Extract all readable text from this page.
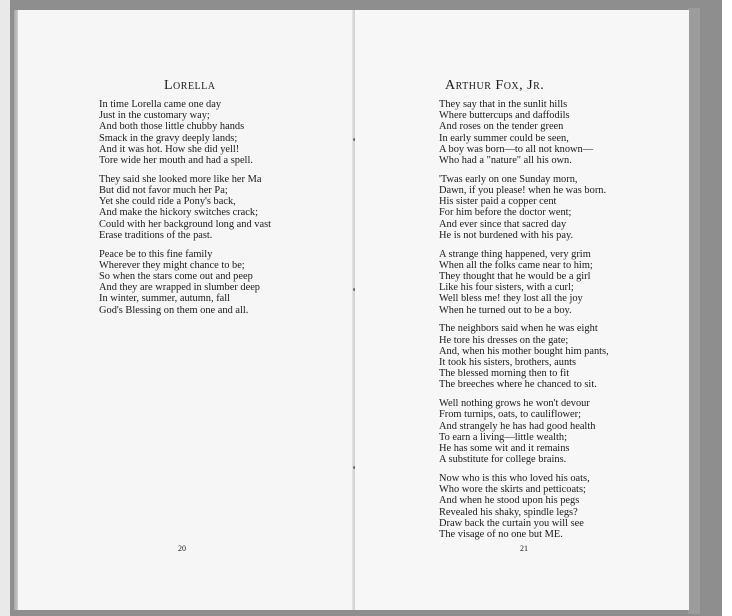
Lorella
In time Lorella came one day
Just in the customary way;
And both those little chubby hands
Smack in the gravy deeply lands;
And it was hot. How she did yell!
Tore wide her mouth and had a spell.
They said she looked more like her Ma
But did not favor much her Pa;
Yet she could ride a Pony's back,
And make the hickory switches crack;
Could with her background long and vast
Erase traditions of the past.
Peace be to this fine family
Wherever they might chance to be;
So when the stars come out and peep
And they are wrapped in slumber deep
In winter, summer, autumn, fall
God's Blessing on them one and all.
20
Arthur Fox, Jr.
They say that in the sunlit hills
Where buttercups and daffodils
And roses on the tender green
In early summer could be seen,
A boy was born—to all not known—
Who had a "nature" all his own.
'Twas early on one Sunday morn,
Dawn, if you please! when he was born.
His sister paid a copper cent
For him before the doctor went;
And ever since that sacred day
He is not burdened with his pay.
A strange thing happened, very grim
When all the folks came near to him;
They thought that he would be a girl
Like his four sisters, with a curl;
Well bless me! they lost all the joy
When he turned out to be a boy.
The neighbors said when he was eight
He tore his dresses on the gate;
And, when his mother bought him pants,
It took his sisters, brothers, aunts
The blessed morning then to fit
The breeches where he chanced to sit.
Well nothing grows he won't devour
From turnips, oats, to cauliflower;
And strangely he has had good health
To earn a living—little wealth;
He has some wit and it remains
A substitute for college brains.
Now who is this who loved his oats,
Who wore the skirts and petticoats;
And when he stood upon his pegs
Revealed his shaky, spindle legs?
Draw back the curtain you will see
The visage of no one but ME.
21
